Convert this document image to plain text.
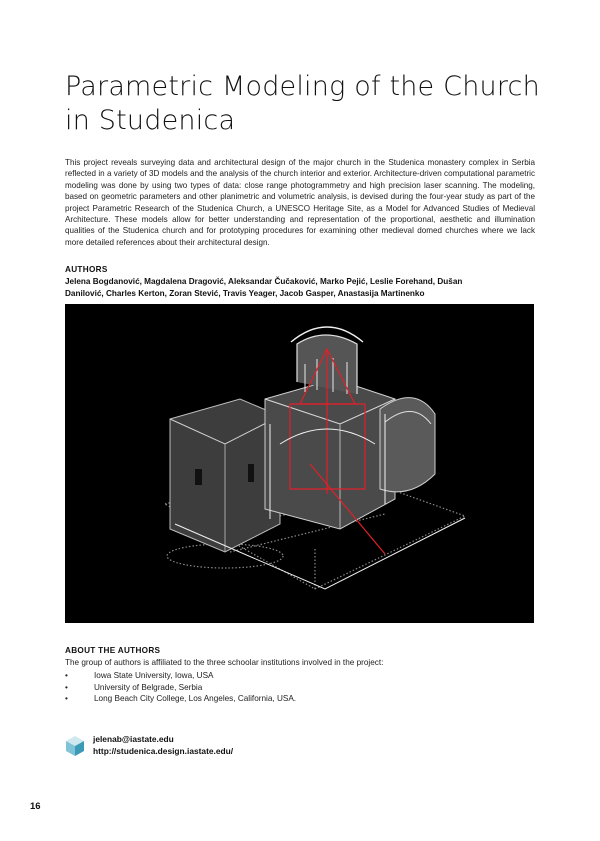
Parametric Modeling of the Church in Studenica

This project reveals surveying data and architectural design of the major church in the Studenica monastery complex in Serbia reflected in a variety of 3D models and the analysis of the church interior and exterior. Architecture-driven computational parametric modeling was done by using two types of data: close range photogrammetry and high precision laser scanning. The modeling, based on geometric parameters and other planimetric and volumetric analysis, is devised during the four-year study as part of the project Parametric Research of the Studenica Church, a UNESCO Heritage Site, as a Model for Advanced Studies of Medieval Architecture. These models allow for better understanding and representation of the proportional, aesthetic and illumination qualities of the Studenica church and for prototyping procedures for examining other medieval domed churches where we lack more detailed references about their architectural design.

AUTHORS

Jelena Bogdanović, Magdalena Dragović, Aleksandar Čučaković, Marko Pejić, Leslie Forehand, Dušan Danilović, Charles Kerton, Zoran Stević, Travis Yeager, Jacob Gasper, Anastasija Martinenko

ABOUT THE AUTHORS

The group of authors is affiliated to the three schoolar institutions involved in the project:

•	Iowa State University, Iowa, USA
•	University of Belgrade, Serbia
•	Long Beach City College, Los Angeles, California, USA.
jelenab@iastate.edu
http://studenica.design.iastate.edu/
16
